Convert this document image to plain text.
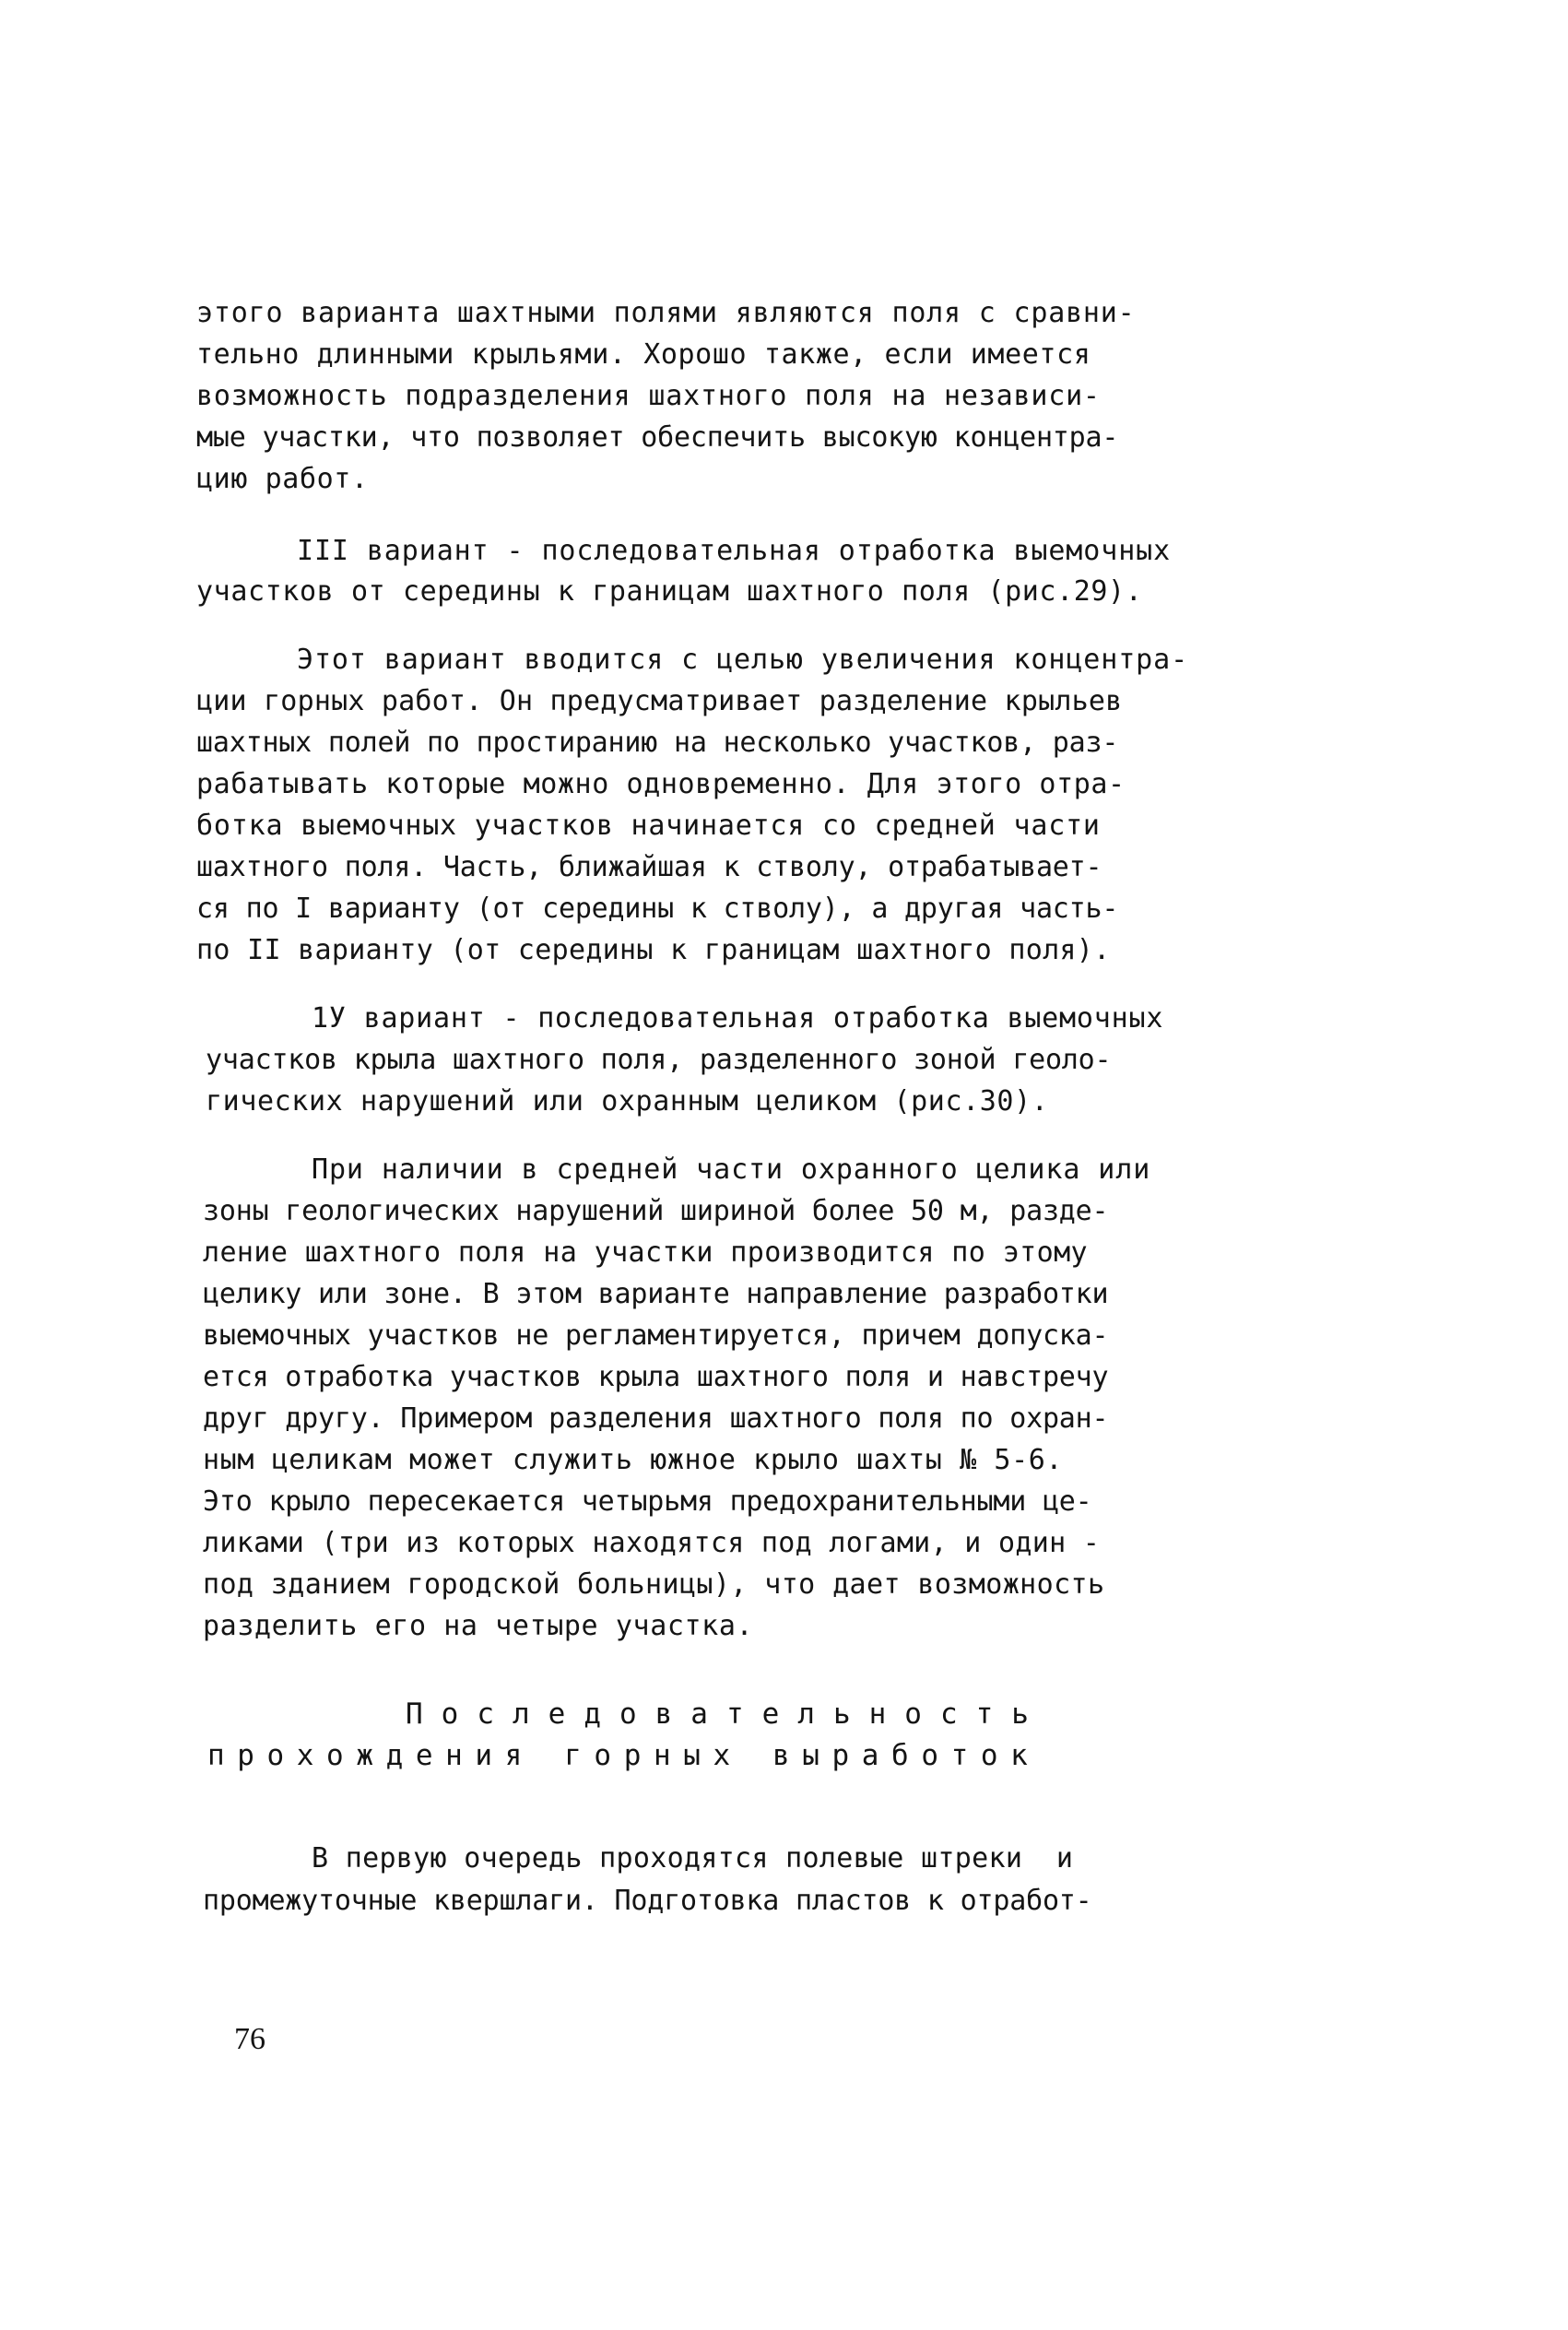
этого варианта шахтными полями являются поля с сравни-
тельно длинными крыльями. Хорошо также, если имеется
возможность подразделения шахтного поля на независи-
мые участки, что позволяет обеспечить высокую концентра-
цию работ.
III вариант - последовательная отработка выемочных
участков от середины к границам шахтного поля (рис.29).
Этот вариант вводится с целью увеличения концентра-
ции горных работ. Он предусматривает разделение крыльев
шахтных полей по простиранию на несколько участков, раз-
рабатывать которые можно одновременно. Для этого отра-
ботка выемочных участков начинается со средней части
шахтного поля. Часть, ближайшая к стволу, отрабатывает-
ся по I варианту (от середины к стволу), а другая часть-
по II варианту (от середины к границам шахтного поля).
1У вариант - последовательная отработка выемочных
участков крыла шахтного поля, разделенного зоной геоло-
гических нарушений или охранным целиком (рис.30).
При наличии в средней части охранного целика или
зоны геологических нарушений шириной более 50 м, разде-
ление шахтного поля на участки производится по этому
целику или зоне. В этом варианте направление разработки
выемочных участков не регламентируется, причем допуска-
ется отработка участков крыла шахтного поля и навстречу
друг другу. Примером разделения шахтного поля по охран-
ным целикам может служить южное крыло шахты № 5-6.
Это крыло пересекается четырьмя предохранительными це-
ликами (три из которых находятся под логами, и один -
под зданием городской больницы), что дает возможность
разделить его на четыре участка.
Последовательность
прохождения горных выработок
В первую очередь проходятся полевые штреки  и
промежуточные квершлаги. Подготовка пластов к отработ-
76
